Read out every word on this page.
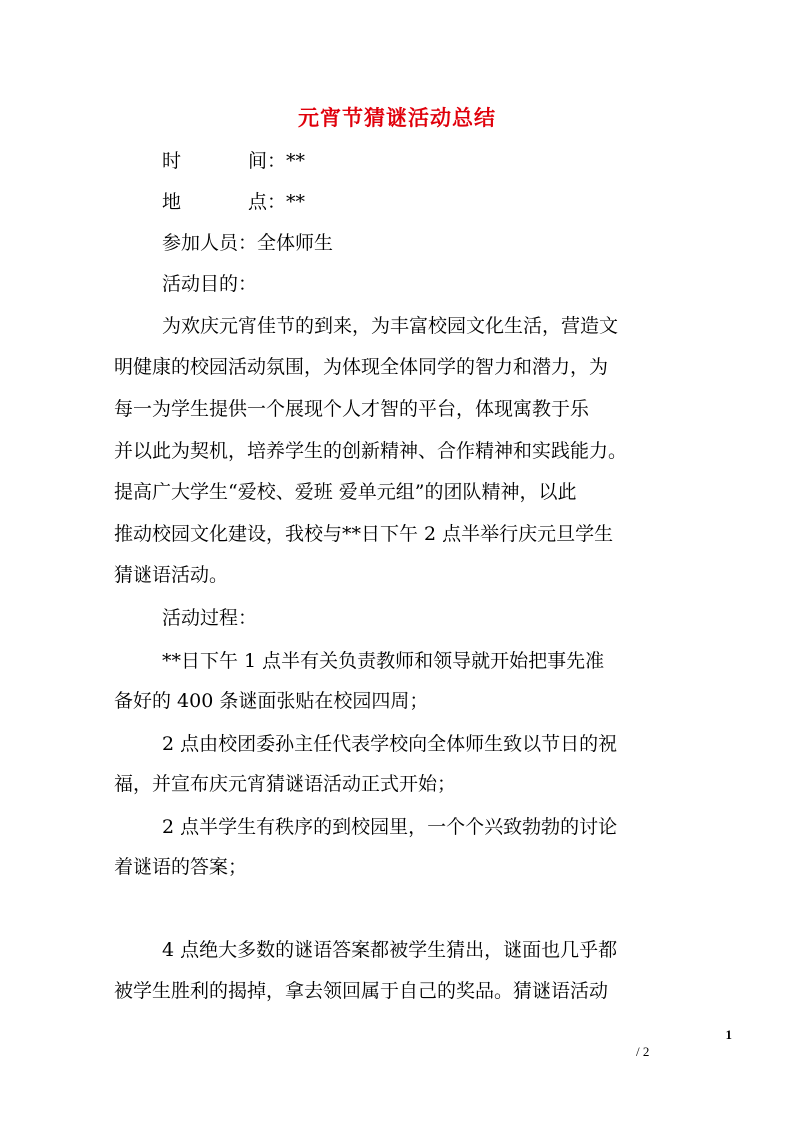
元宵节猜谜活动总结
时	间：**
地	点：**
参加人员：全体师生
活动目的：
为欢庆元宵佳节的到来，为丰富校园文化生活，营造文
明健康的校园活动氛围，为体现全体同学的智力和潜力，为
每一为学生提供一个展现个人才智的平台，体现寓教于乐
并以此为契机，培养学生的创新精神、合作精神和实践能力。
提高广大学生“爱校、爱班 爱单元组”的团队精神，以此
推动校园文化建设，我校与**日下午 2 点半举行庆元旦学生
猜谜语活动。
活动过程：
**日下午 1 点半有关负责教师和领导就开始把事先准
备好的 400 条谜面张贴在校园四周；
2 点由校团委孙主任代表学校向全体师生致以节日的祝
福，并宣布庆元宵猜谜语活动正式开始；
2 点半学生有秩序的到校园里，一个个兴致勃勃的讨论
着谜语的答案；
4 点绝大多数的谜语答案都被学生猜出，谜面也几乎都
被学生胜利的揭掉，拿去领回属于自己的奖品。猜谜语活动
1
/ 2
